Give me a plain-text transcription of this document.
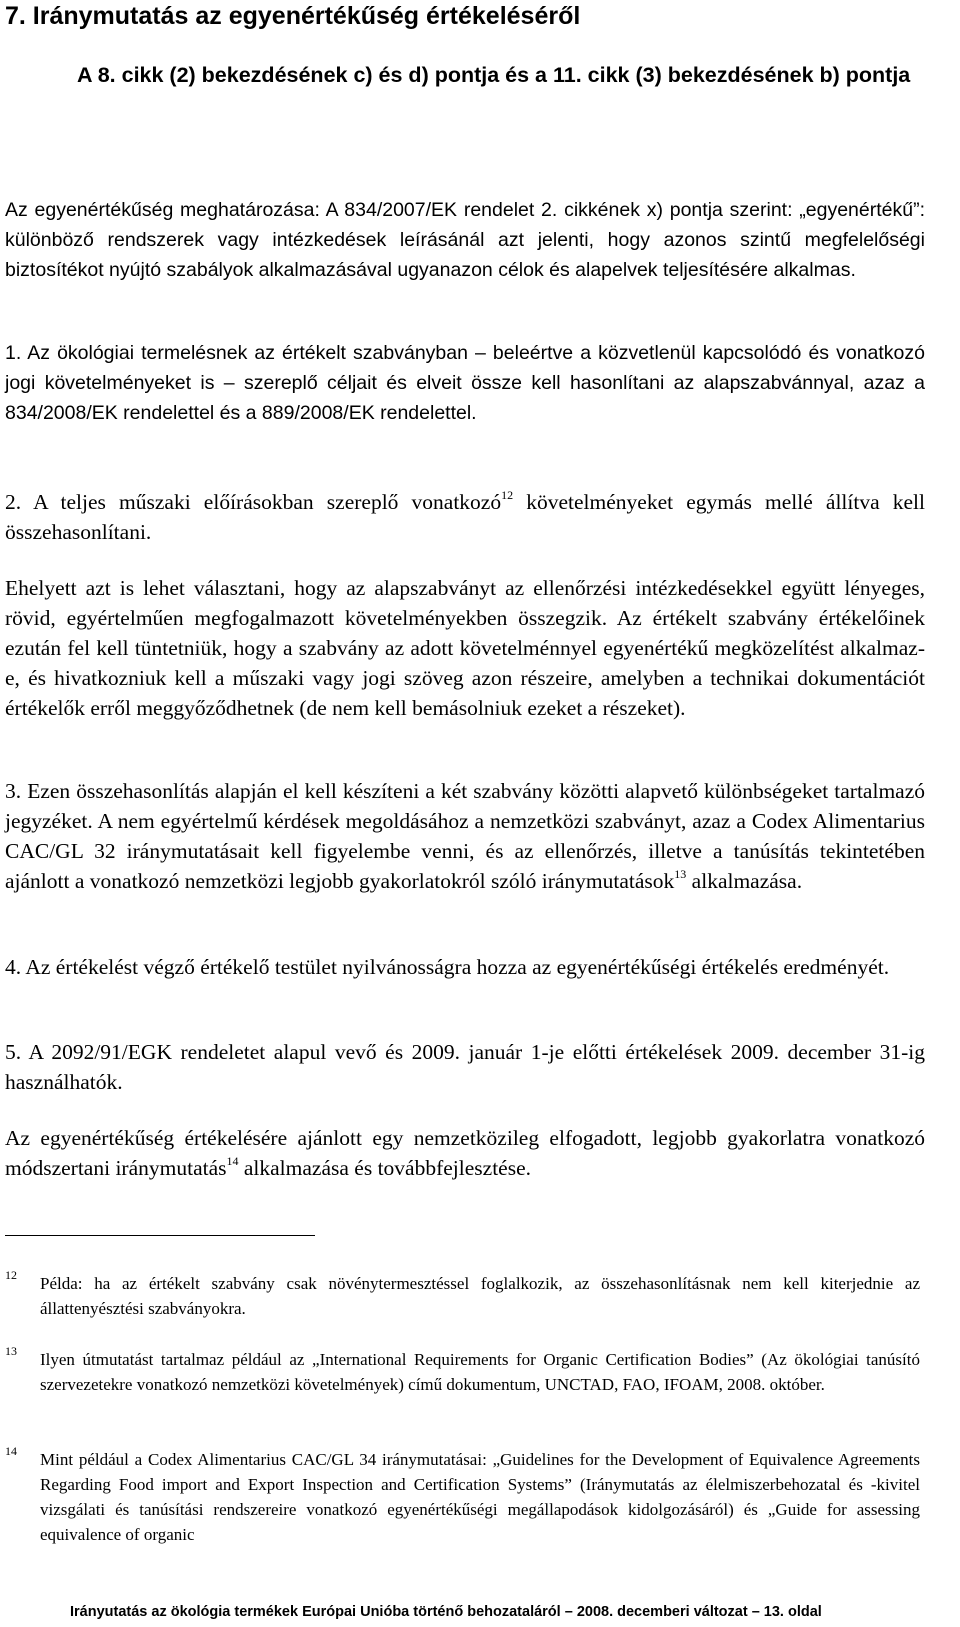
7. Iránymutatás az egyenértékűség értékeléséről

A 8. cikk (2) bekezdésének c) és d) pontja és a 11. cikk (3) bekezdésének b) pontja

Az egyenértékűség meghatározása: A 834/2007/EK rendelet 2. cikkének x) pontja szerint: „egyenértékű”: különböző rendszerek vagy intézkedések leírásánál azt jelenti, hogy azonos szintű megfelelőségi biztosítékot nyújtó szabályok alkalmazásával ugyanazon célok és alapelvek teljesítésére alkalmas.

1. Az ökológiai termelésnek az értékelt szabványban – beleértve a közvetlenül kapcsolódó és vonatkozó jogi követelményeket is – szereplő céljait és elveit össze kell hasonlítani az alapszabvánnyal, azaz a 834/2008/EK rendelettel és a 889/2008/EK rendelettel.

2. A teljes műszaki előírásokban szereplő vonatkozó$^{12}$ követelményeket egymás mellé állítva kell összehasonlítani.

Ehelyett azt is lehet választani, hogy az alapszabványt az ellenőrzési intézkedésekkel együtt lényeges, rövid, egyértelműen megfogalmazott követelményekben összegzik. Az értékelt szabvány értékelőinek ezután fel kell tüntetniük, hogy a szabvány az adott követelménnyel egyenértékű megközelítést alkalmaz-e, és hivatkozniuk kell a műszaki vagy jogi szöveg azon részeire, amelyben a technikai dokumentációt értékelők erről meggyőződhetnek (de nem kell bemásolniuk ezeket a részeket).

3. Ezen összehasonlítás alapján el kell készíteni a két szabvány közötti alapvető különbségeket tartalmazó jegyzéket. A nem egyértelmű kérdések megoldásához a nemzetközi szabványt, azaz a Codex Alimentarius CAC/GL 32 iránymutatásait kell figyelembe venni, és az ellenőrzés, illetve a tanúsítás tekintetében ajánlott a vonatkozó nemzetközi legjobb gyakorlatokról szóló iránymutatások$^{13}$ alkalmazása.

4. Az értékelést végző értékelő testület nyilvánosságra hozza az egyenértékűségi értékelés eredményét.

5. A 2092/91/EGK rendeletet alapul vevő és 2009. január 1-je előtti értékelések 2009. december 31-ig használhatók.

Az egyenértékűség értékelésére ajánlott egy nemzetközileg elfogadott, legjobb gyakorlatra vonatkozó módszertani iránymutatás$^{14}$ alkalmazása és továbbfejlesztése.

12 Példa: ha az értékelt szabvány csak növénytermesztéssel foglalkozik, az összehasonlításnak nem kell kiterjednie az állattenyésztési szabványokra.

13 Ilyen útmutatást tartalmaz például az „International Requirements for Organic Certification Bodies” (Az ökológiai tanúsító szervezetekre vonatkozó nemzetközi követelmények) című dokumentum, UNCTAD, FAO, IFOAM, 2008. október.

14 Mint például a Codex Alimentarius CAC/GL 34 iránymutatásai: „Guidelines for the Development of Equivalence Agreements Regarding Food import and Export Inspection and Certification Systems” (Iránymutatás az élelmiszerbehozatal és -kivitel vizsgálati és tanúsítási rendszereire vonatkozó egyenértékűségi megállapodások kidolgozásáról) és „Guide for assessing equivalence of organic

Irányutatás az ökológia termékek Európai Unióba történő behozataláról – 2008. decemberi változat – 13. oldal
